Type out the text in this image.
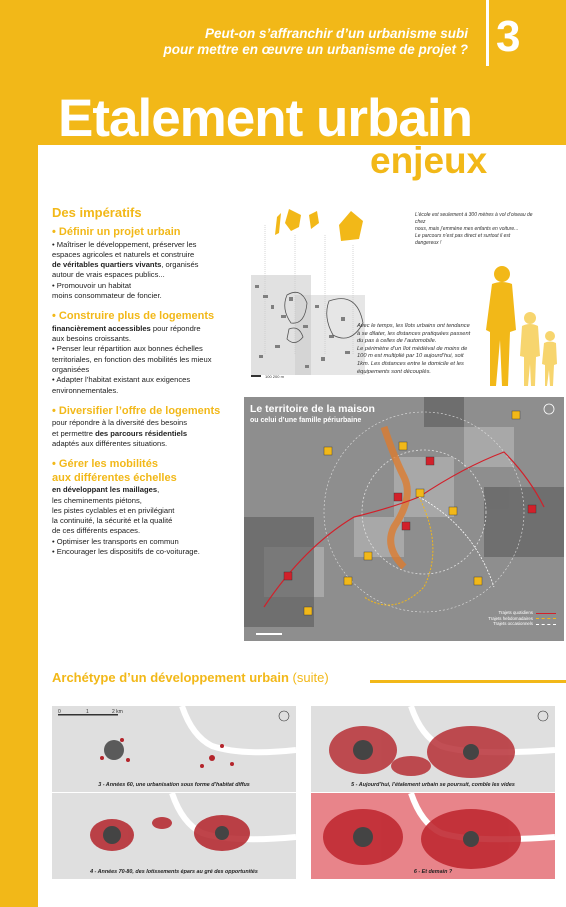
Peut-on s’affranchir d’un urbanisme subi
pour mettre en œuvre un urbanisme de projet ? 3
Etalement urbain
enjeux
Des impératifs
• Définir un projet urbain

• Maîtriser le développement, préserver les

espaces agricoles et naturels et construire

de véritables quartiers vivants, organisés

autour de vrais espaces publics...

• Promouvoir un habitat

moins consommateur de foncier.

• Construire plus de logements

financièrement accessibles pour répondre

aux besoins croissants.

• Penser leur répartition aux bonnes échelles

territoriales, en fonction des mobilités les mieux

organisées

• Adapter l’habitat existant aux exigences

environnementales.

• Diversifier l’offre de logements

pour répondre à la diversité des besoins

et permettre des parcours résidentiels

adaptés aux différentes situations.

• Gérer les mobilités
aux différentes échelles

en développant les maillages,

les cheminements piétons,

les pistes cyclables et en privilégiant

la continuité, la sécurité et la qualité

de ces différents espaces.

• Optimiser les transports en commun

• Encourager les dispositifs de co-voiturage.

100 200 m
L’école est seulement à 300 mètres à vol d’oiseau de chez
nous, mais j’emmène mes enfants en voiture...
Le parcours n’est pas direct et surtout il est dangereux !
Avec le temps, les îlots urbains ont tendance
à se dilater, les distances pratiquées passent
du pas à celles de l’automobile.
Le périmètre d’un îlot médiéval de moins de
100 m est multiplié par 10 aujourd’hui, soit
1km. Les distances entre le domicile et les
équipements sont découplés.
Le territoire de la maison
ou celui d’une famille périurbaine
Trajets quotidiens
Trajets hebdomadaires
Trajets occasionnels
Archétype d’un développement urbain (suite)
0	1	2 km
3 - Années 60, une urbanisation sous forme d’habitat diffus	5 - Aujourd’hui, l’étalement urbain se poursuit, comble les vides
4 - Années 70-80, des lotissements épars au gré des opportunités	6 - Et demain ?
